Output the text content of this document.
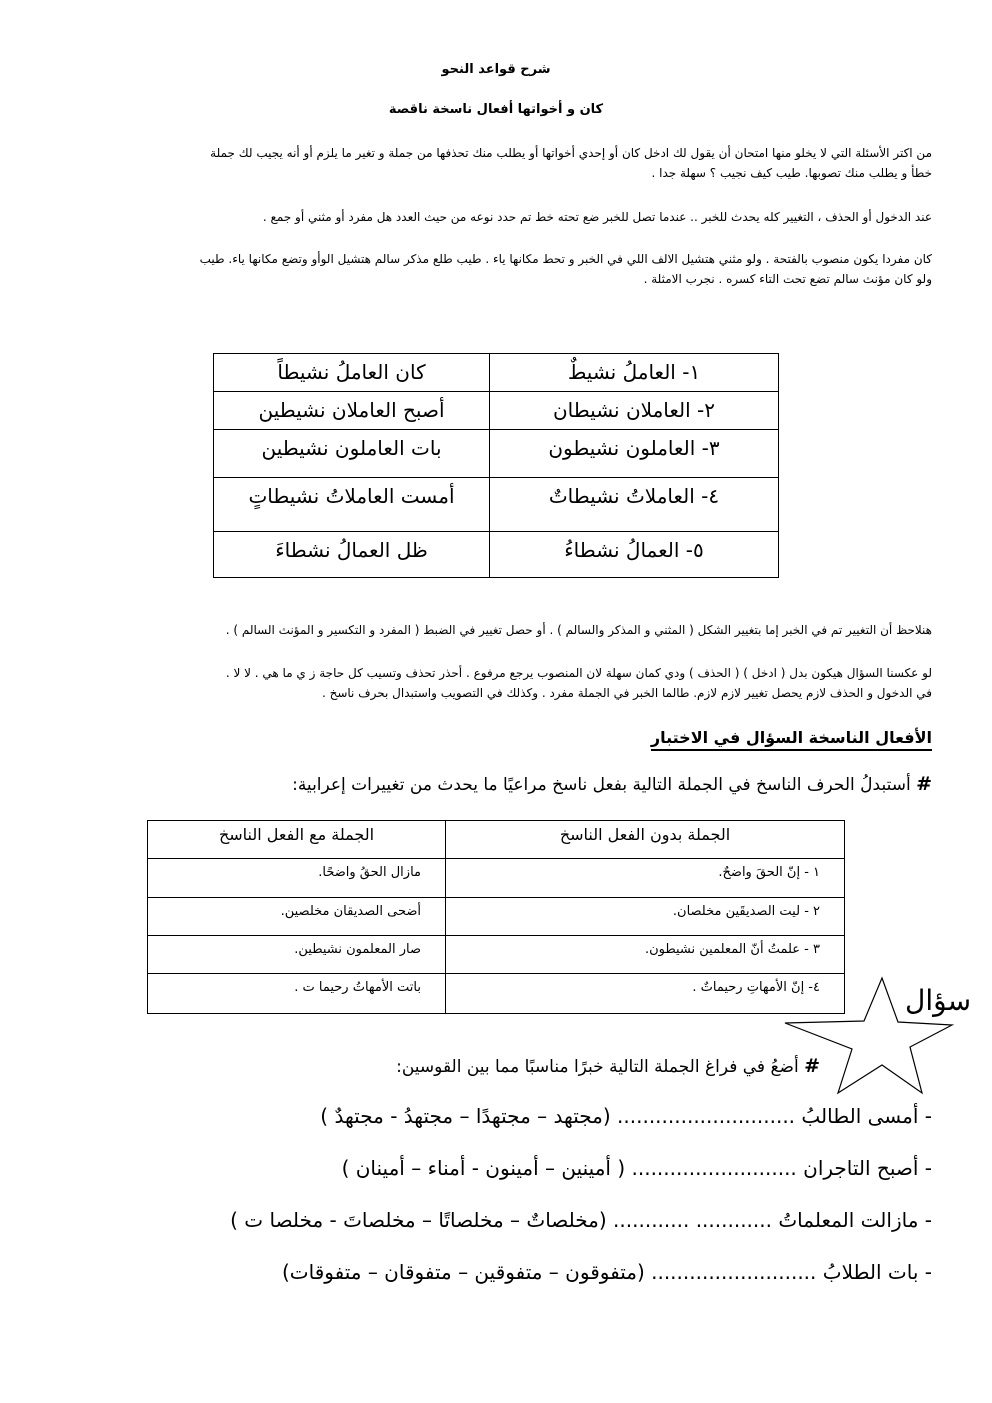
شرح قواعد النحو
كان و أخواتها أفعال ناسخة ناقصة
من اكتر الأسئلة التي لا يخلو منها امتحان أن يقول لك ادخل كان أو إحدي أخواتها أو يطلب منك تحذفها من جملة و تغير ما يلزم أو أنه يجيب لك جملة
خطأ و يطلب منك تصوبها. طيب كيف نجيب ؟ سهلة جدا .
عند الدخول أو الحذف ، التغيير كله يحدث للخبر .. عندما تصل للخبر ضع تحته خط تم حدد نوعه من حيث العدد هل مفرد أو مثني أو جمع .
كان مفردا يكون منصوب بالفتحة . ولو مثني هتشيل الالف اللي في الخبر و تحط مكانها ياء . طيب طلع مذكر سالم هتشيل الوأو وتضع مكانها ياء. طيب
ولو كان مؤنث سالم تضع تحت التاء كسره . نجرب الامثلة .
١- العاملُ نشيطٌ	كان العاملُ نشيطاً
٢- العاملان نشيطان	أصبح العاملان نشيطين
٣- العاملون نشيطون	بات العاملون نشيطين
٤- العاملاتُ نشيطاتٌ	أمست العاملاتُ نشيطاتٍ
٥- العمالُ نشطاءُ	ظل العمالُ نشطاءَ
هنلاحظ أن التغيير تم في الخبر إما بتغيير الشكل ( المثني و المذكر والسالم ) . أو حصل تغيير في الضبط ( المفرد و التكسير و المؤنث السالم ) .
لو عكسنا السؤال هيكون بدل ( ادخل ) ( الحذف ) ودي كمان سهلة لان المنصوب يرجع مرفوع . أحذر تحذف وتسيب كل حاجة ز ي ما هي . لا لا .
في الدخول و الحذف لازم يحصل تغيير لازم لازم. طالما الخبر في الجملة مفرد . وكذلك في التصويب واستبدال بحرف ناسخ .
الأفعال الناسخة السؤال في الاختبار
# أستبدلُ الحرف الناسخ في الجملة التالية بفعل ناسخ مراعيًا ما يحدث من تغييرات إعرابية:
الجملة بدون الفعل الناسخ	الجملة مع الفعل الناسخ
١ - إنّ الحقَ واضحٌ.	مازال الحقُ واضحًا.
٢ - ليت الصديقَين مخلصان.	أضحى الصديقان مخلصين.
٣ - علمتُ أنّ المعلمين نشيطون.	صار المعلمون نشيطين.
٤- إنّ الأمهاتِ رحيماتٌ .	باتت الأمهاتُ رحيما ت .	سؤال
# أضعُ في فراغ الجملة التالية خبرًا مناسبًا مما بين القوسين:
- أمسى الطالبُ ............................ (مجتهد – مجتهدًا – مجتهدُ - مجتهدٌ )
- أصبح التاجران .......................... ( أمينين – أمينون - أمناء – أمينان )
- مازالت المعلماتُ ............ ............ (مخلصاتٌ – مخلصاتًا – مخلصاتَ - مخلصا ت )
- بات الطلابُ .......................... (متفوقون – متفوقين – متفوقان – متفوقات)
